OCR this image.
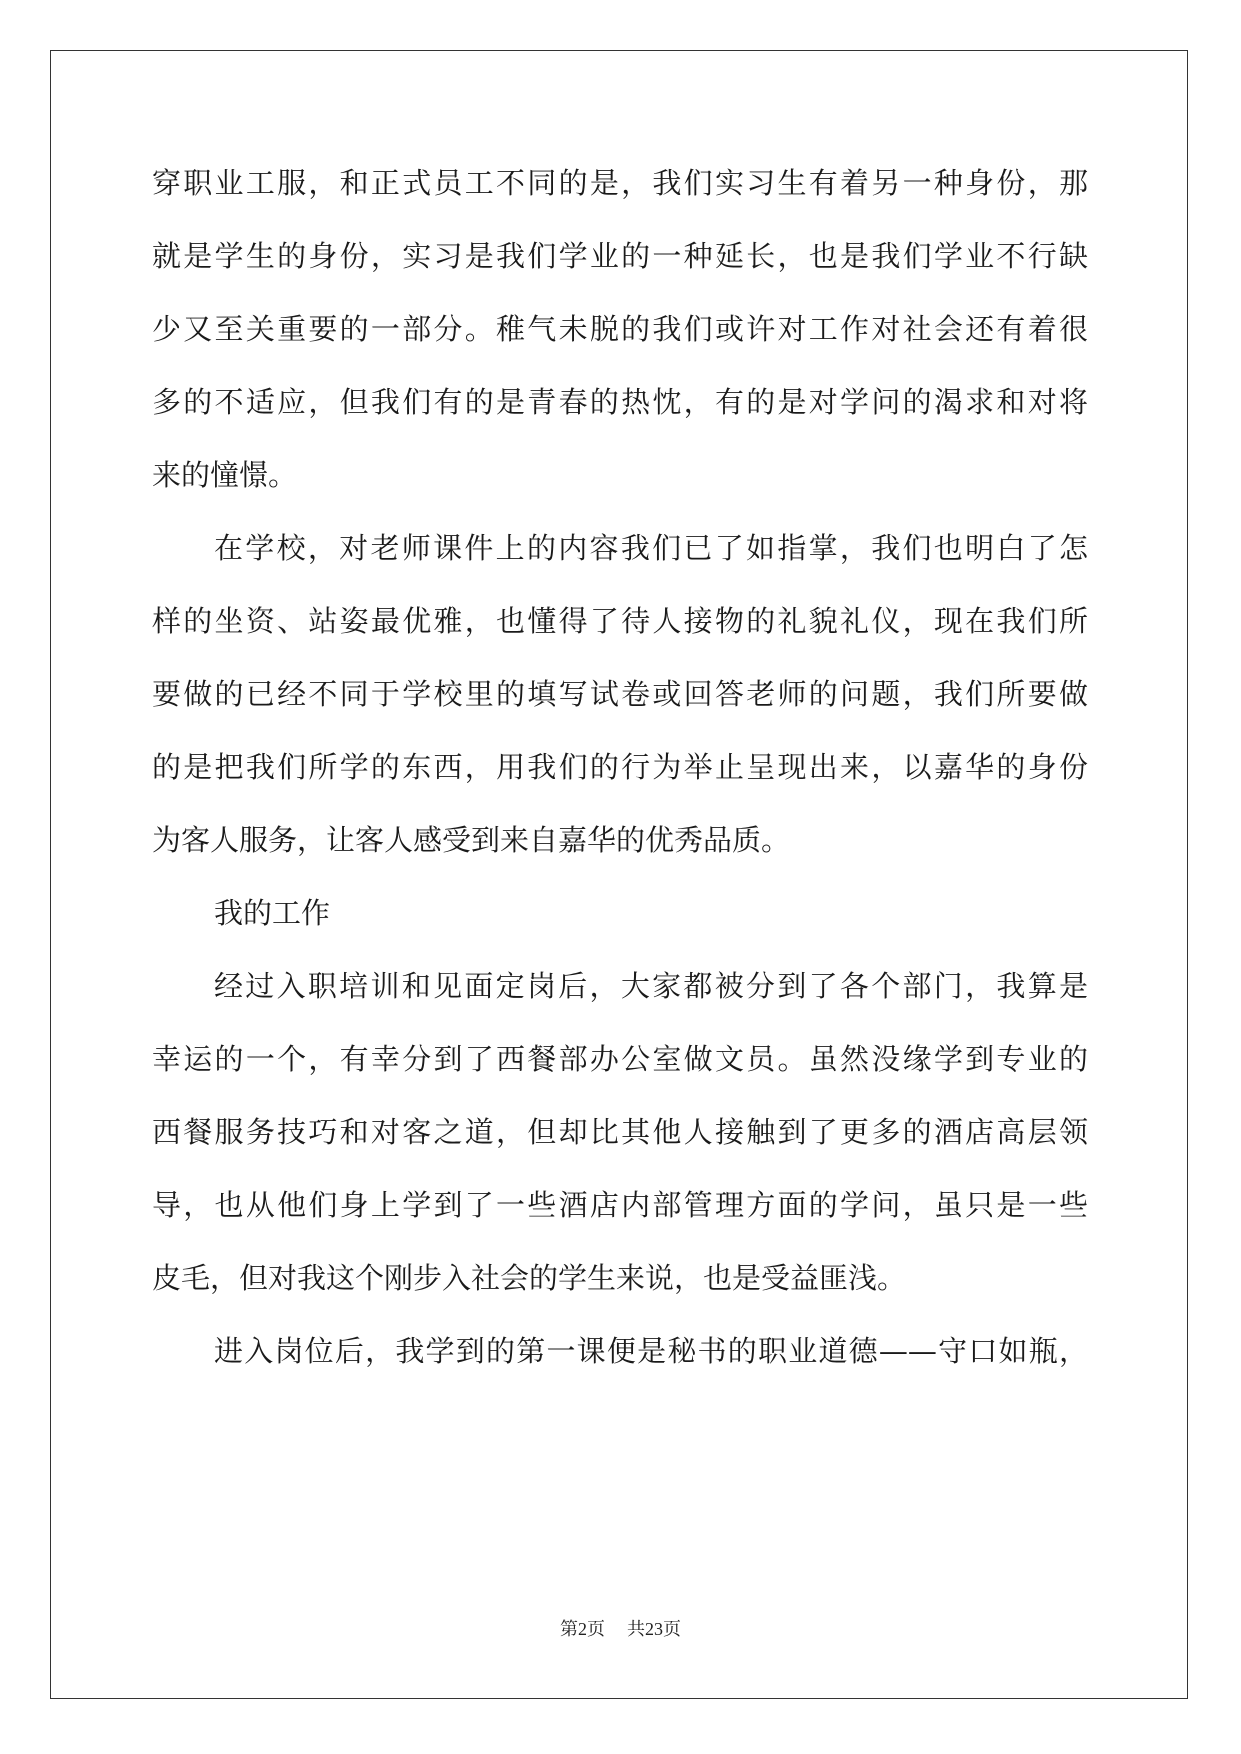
穿职业工服，和正式员工不同的是，我们实习生有着另一种身份，那
就是学生的身份，实习是我们学业的一种延长，也是我们学业不行缺
少又至关重要的一部分。稚气未脱的我们或许对工作对社会还有着很
多的不适应，但我们有的是青春的热忱，有的是对学问的渴求和对将
来的憧憬。
在学校，对老师课件上的内容我们已了如指掌，我们也明白了怎
样的坐资、站姿最优雅，也懂得了待人接物的礼貌礼仪，现在我们所
要做的已经不同于学校里的填写试卷或回答老师的问题，我们所要做
的是把我们所学的东西，用我们的行为举止呈现出来，以嘉华的身份
为客人服务，让客人感受到来自嘉华的优秀品质。
我的工作
经过入职培训和见面定岗后，大家都被分到了各个部门，我算是
幸运的一个，有幸分到了西餐部办公室做文员。虽然没缘学到专业的
西餐服务技巧和对客之道，但却比其他人接触到了更多的酒店高层领
导，也从他们身上学到了一些酒店内部管理方面的学问，虽只是一些
皮毛，但对我这个刚步入社会的学生来说，也是受益匪浅。
进入岗位后，我学到的第一课便是秘书的职业道德——守口如瓶，
第2页 共23页
